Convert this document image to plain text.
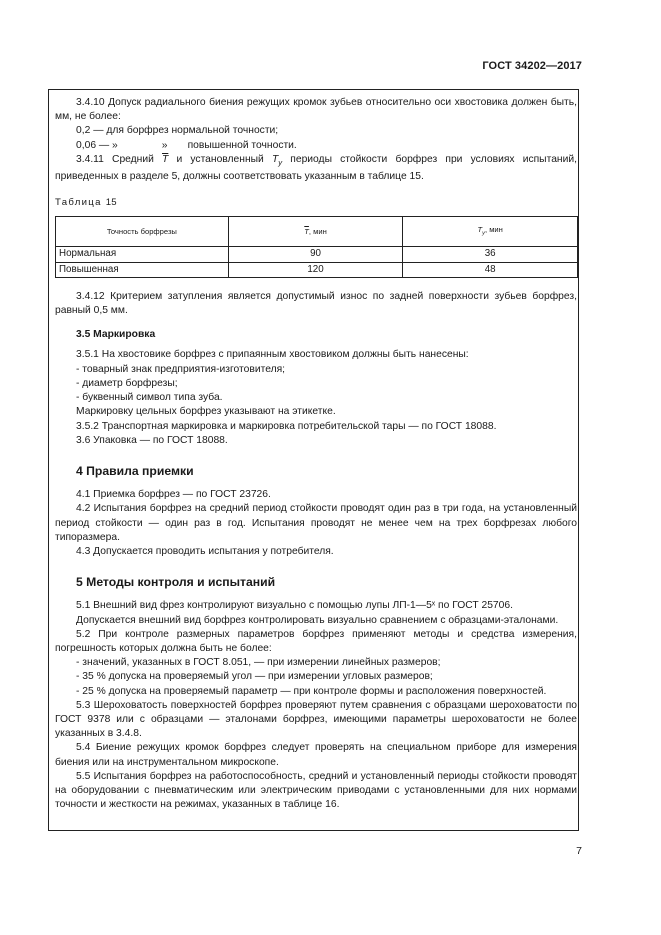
ГОСТ 34202—2017

3.4.10 Допуск радиального биения режущих кромок зубьев относительно оси хвостовика должен быть, мм, не более:

0,2 — для борфрез нормальной точности;

0,06 — »	» повышенной точности.

3.4.11 Средний $\overline{T}$ и установленный $T_у$ периоды стойкости борфрез при условиях испытаний, приведенных в разделе 5, должны соответствовать указанным в таблице 15.

Таблица 15

Точность борфрезы	$\overline{T}$, мин	$T_у$, мин
Нормальная	90	36
Повышенная	120	48

3.4.12 Критерием затупления является допустимый износ по задней поверхности зубьев борфрез, равный 0,5 мм.

3.5 Маркировка

3.5.1 На хвостовике борфрез с припаянным хвостовиком должны быть нанесены:

- товарный знак предприятия-изготовителя;

- диаметр борфрезы;

- буквенный символ типа зуба.

Маркировку цельных борфрез указывают на этикетке.

3.5.2 Транспортная маркировка и маркировка потребительской тары — по ГОСТ 18088.

3.6 Упаковка — по ГОСТ 18088.

4 Правила приемки

4.1 Приемка борфрез — по ГОСТ 23726.

4.2 Испытания борфрез на средний период стойкости проводят один раз в три года, на установленный период стойкости — один раз в год. Испытания проводят не менее чем на трех борфрезах любого типоразмера.

4.3 Допускается проводить испытания у потребителя.

5 Методы контроля и испытаний

5.1 Внешний вид фрез контролируют визуально с помощью лупы ЛП-1—5ˣ по ГОСТ 25706.

Допускается внешний вид борфрез контролировать визуально сравнением с образцами-эталонами.

5.2 При контроле размерных параметров борфрез применяют методы и средства измерения, погрешность которых должна быть не более:

- значений, указанных в ГОСТ 8.051, — при измерении линейных размеров;

- 35 % допуска на проверяемый угол — при измерении угловых размеров;

- 25 % допуска на проверяемый параметр — при контроле формы и расположения поверхностей.

5.3 Шероховатость поверхностей борфрез проверяют путем сравнения с образцами шероховатости по ГОСТ 9378 или с образцами — эталонами борфрез, имеющими параметры шероховатости не более указанных в 3.4.8.

5.4 Биение режущих кромок борфрез следует проверять на специальном приборе для измерения биения или на инструментальном микроскопе.

5.5 Испытания борфрез на работоспособность, средний и установленный периоды стойкости проводят на оборудовании с пневматическим или электрическим приводами с установленными для них нормами точности и жесткости на режимах, указанных в таблице 16.

7
